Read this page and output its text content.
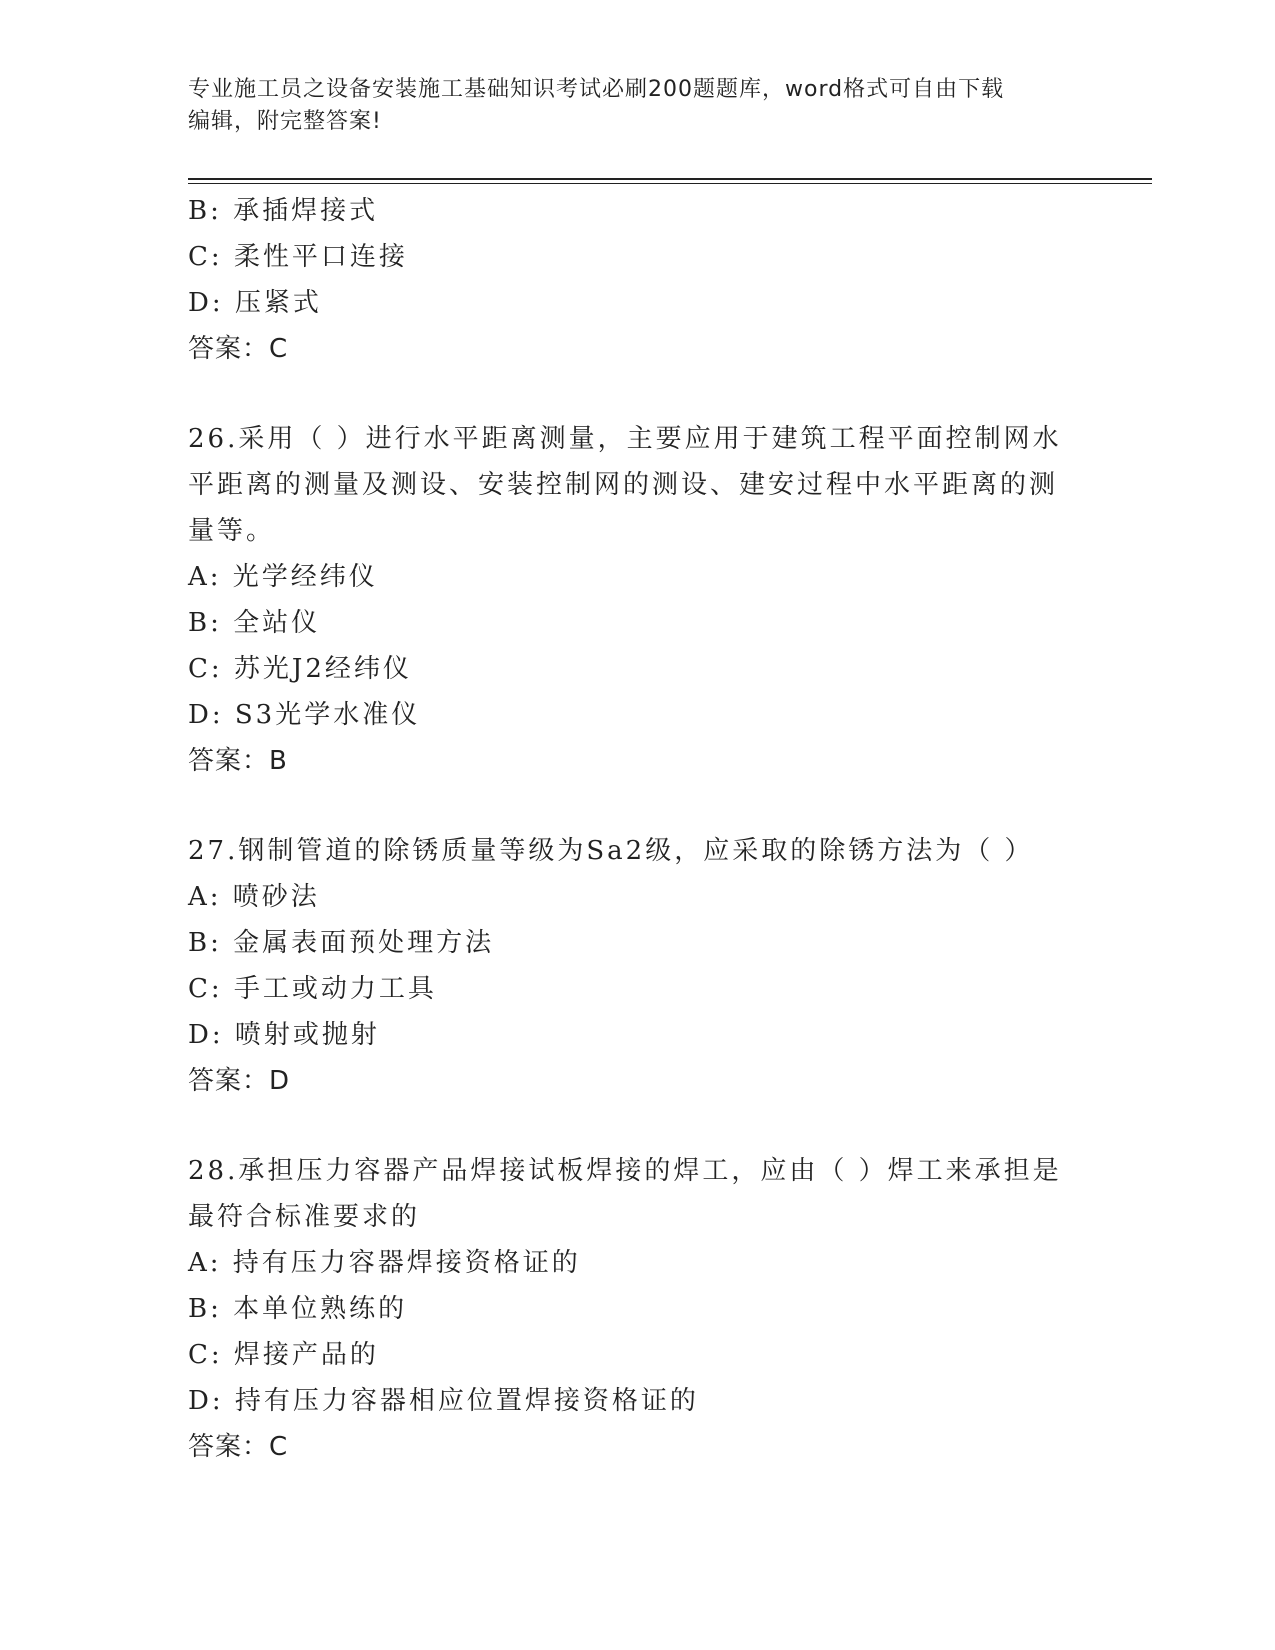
专业施工员之设备安装施工基础知识考试必刷200题题库，word格式可自由下载
编辑，附完整答案!
B: 承插焊接式
C: 柔性平口连接
D: 压紧式
答案：C
26.采用（ ）进行水平距离测量，主要应用于建筑工程平面控制网水
平距离的测量及测设、安装控制网的测设、建安过程中水平距离的测
量等。
A: 光学经纬仪
B: 全站仪
C: 苏光J2经纬仪
D: S3光学水准仪
答案：B
27.钢制管道的除锈质量等级为Sa2级，应采取的除锈方法为（ ）
A: 喷砂法
B: 金属表面预处理方法
C: 手工或动力工具
D: 喷射或抛射
答案：D
28.承担压力容器产品焊接试板焊接的焊工，应由（ ）焊工来承担是
最符合标准要求的
A: 持有压力容器焊接资格证的
B: 本单位熟练的
C: 焊接产品的
D: 持有压力容器相应位置焊接资格证的
答案：C
